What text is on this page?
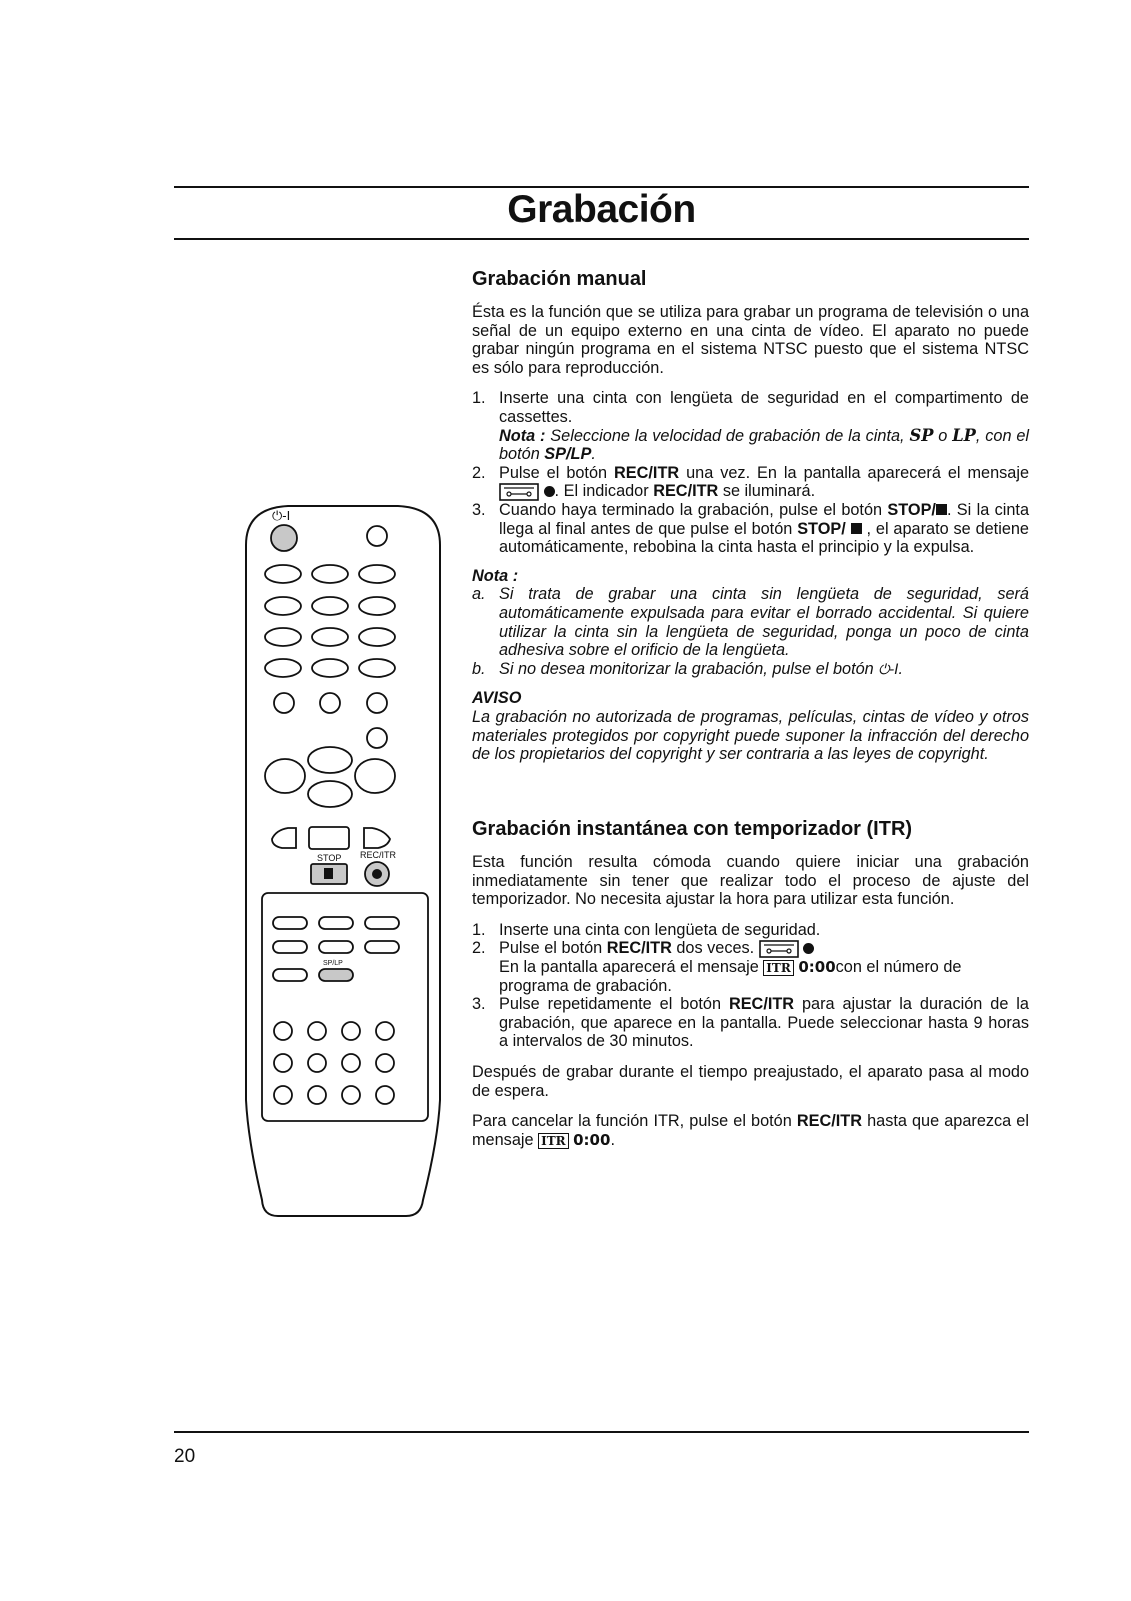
Grabación
⏻-I
STOP REC/ITR
SP/LP
Grabación manual

Ésta es la función que se utiliza para grabar un programa de televisión o una señal de un equipo externo en una cinta de vídeo. El aparato no puede grabar ningún programa en el sistema NTSC puesto que el sistema NTSC es sólo para reproducción.

1. Inserte una cinta con lengüeta de seguridad en el compartimento de cassettes.
Nota : Seleccione la velocidad de grabación de la cinta, SP o LP, con el botón SP/LP.
2. Pulse el botón REC/ITR una vez. En la pantalla aparecerá el mensaje  . El indicador REC/ITR se iluminará.
3. Cuando haya terminado la grabación, pulse el botón STOP/ . Si la cinta llega al final antes de que pulse el botón STOP/  , el aparato se detiene automáticamente, rebobina la cinta hasta el principio y la expulsa.
Nota :
a. Si trata de grabar una cinta sin lengüeta de seguridad, será automáticamente expulsada para evitar el borrado accidental. Si quiere utilizar la cinta sin la lengüeta de seguridad, ponga un poco de cinta adhesiva sobre el orificio de la lengüeta.
b. Si no desea monitorizar la grabación, pulse el botón ⏻-I.
AVISO

La grabación no autorizada de programas, películas, cintas de vídeo y otros materiales protegidos por copyright puede suponer la infracción del derecho de los propietarios del copyright y ser contraria a las leyes de copyright.

Grabación instantánea con temporizador (ITR)

Esta función resulta cómoda cuando quiere iniciar una grabación inmediatamente sin tener que realizar todo el proceso de ajuste del temporizador. No necesita ajustar la hora para utilizar esta función.

1. Inserte una cinta con lengüeta de seguridad.
2. Pulse el botón REC/ITR dos veces.
En la pantalla aparecerá el mensaje ITR 0:00con el número de programa de grabación.
3. Pulse repetidamente el botón REC/ITR para ajustar la duración de la grabación, que aparece en la pantalla. Puede seleccionar hasta 9 horas a intervalos de 30 minutos.

Después de grabar durante el tiempo preajustado, el aparato pasa al modo de espera.

Para cancelar la función ITR, pulse el botón REC/ITR hasta que aparezca el mensaje ITR 0:00.

20
